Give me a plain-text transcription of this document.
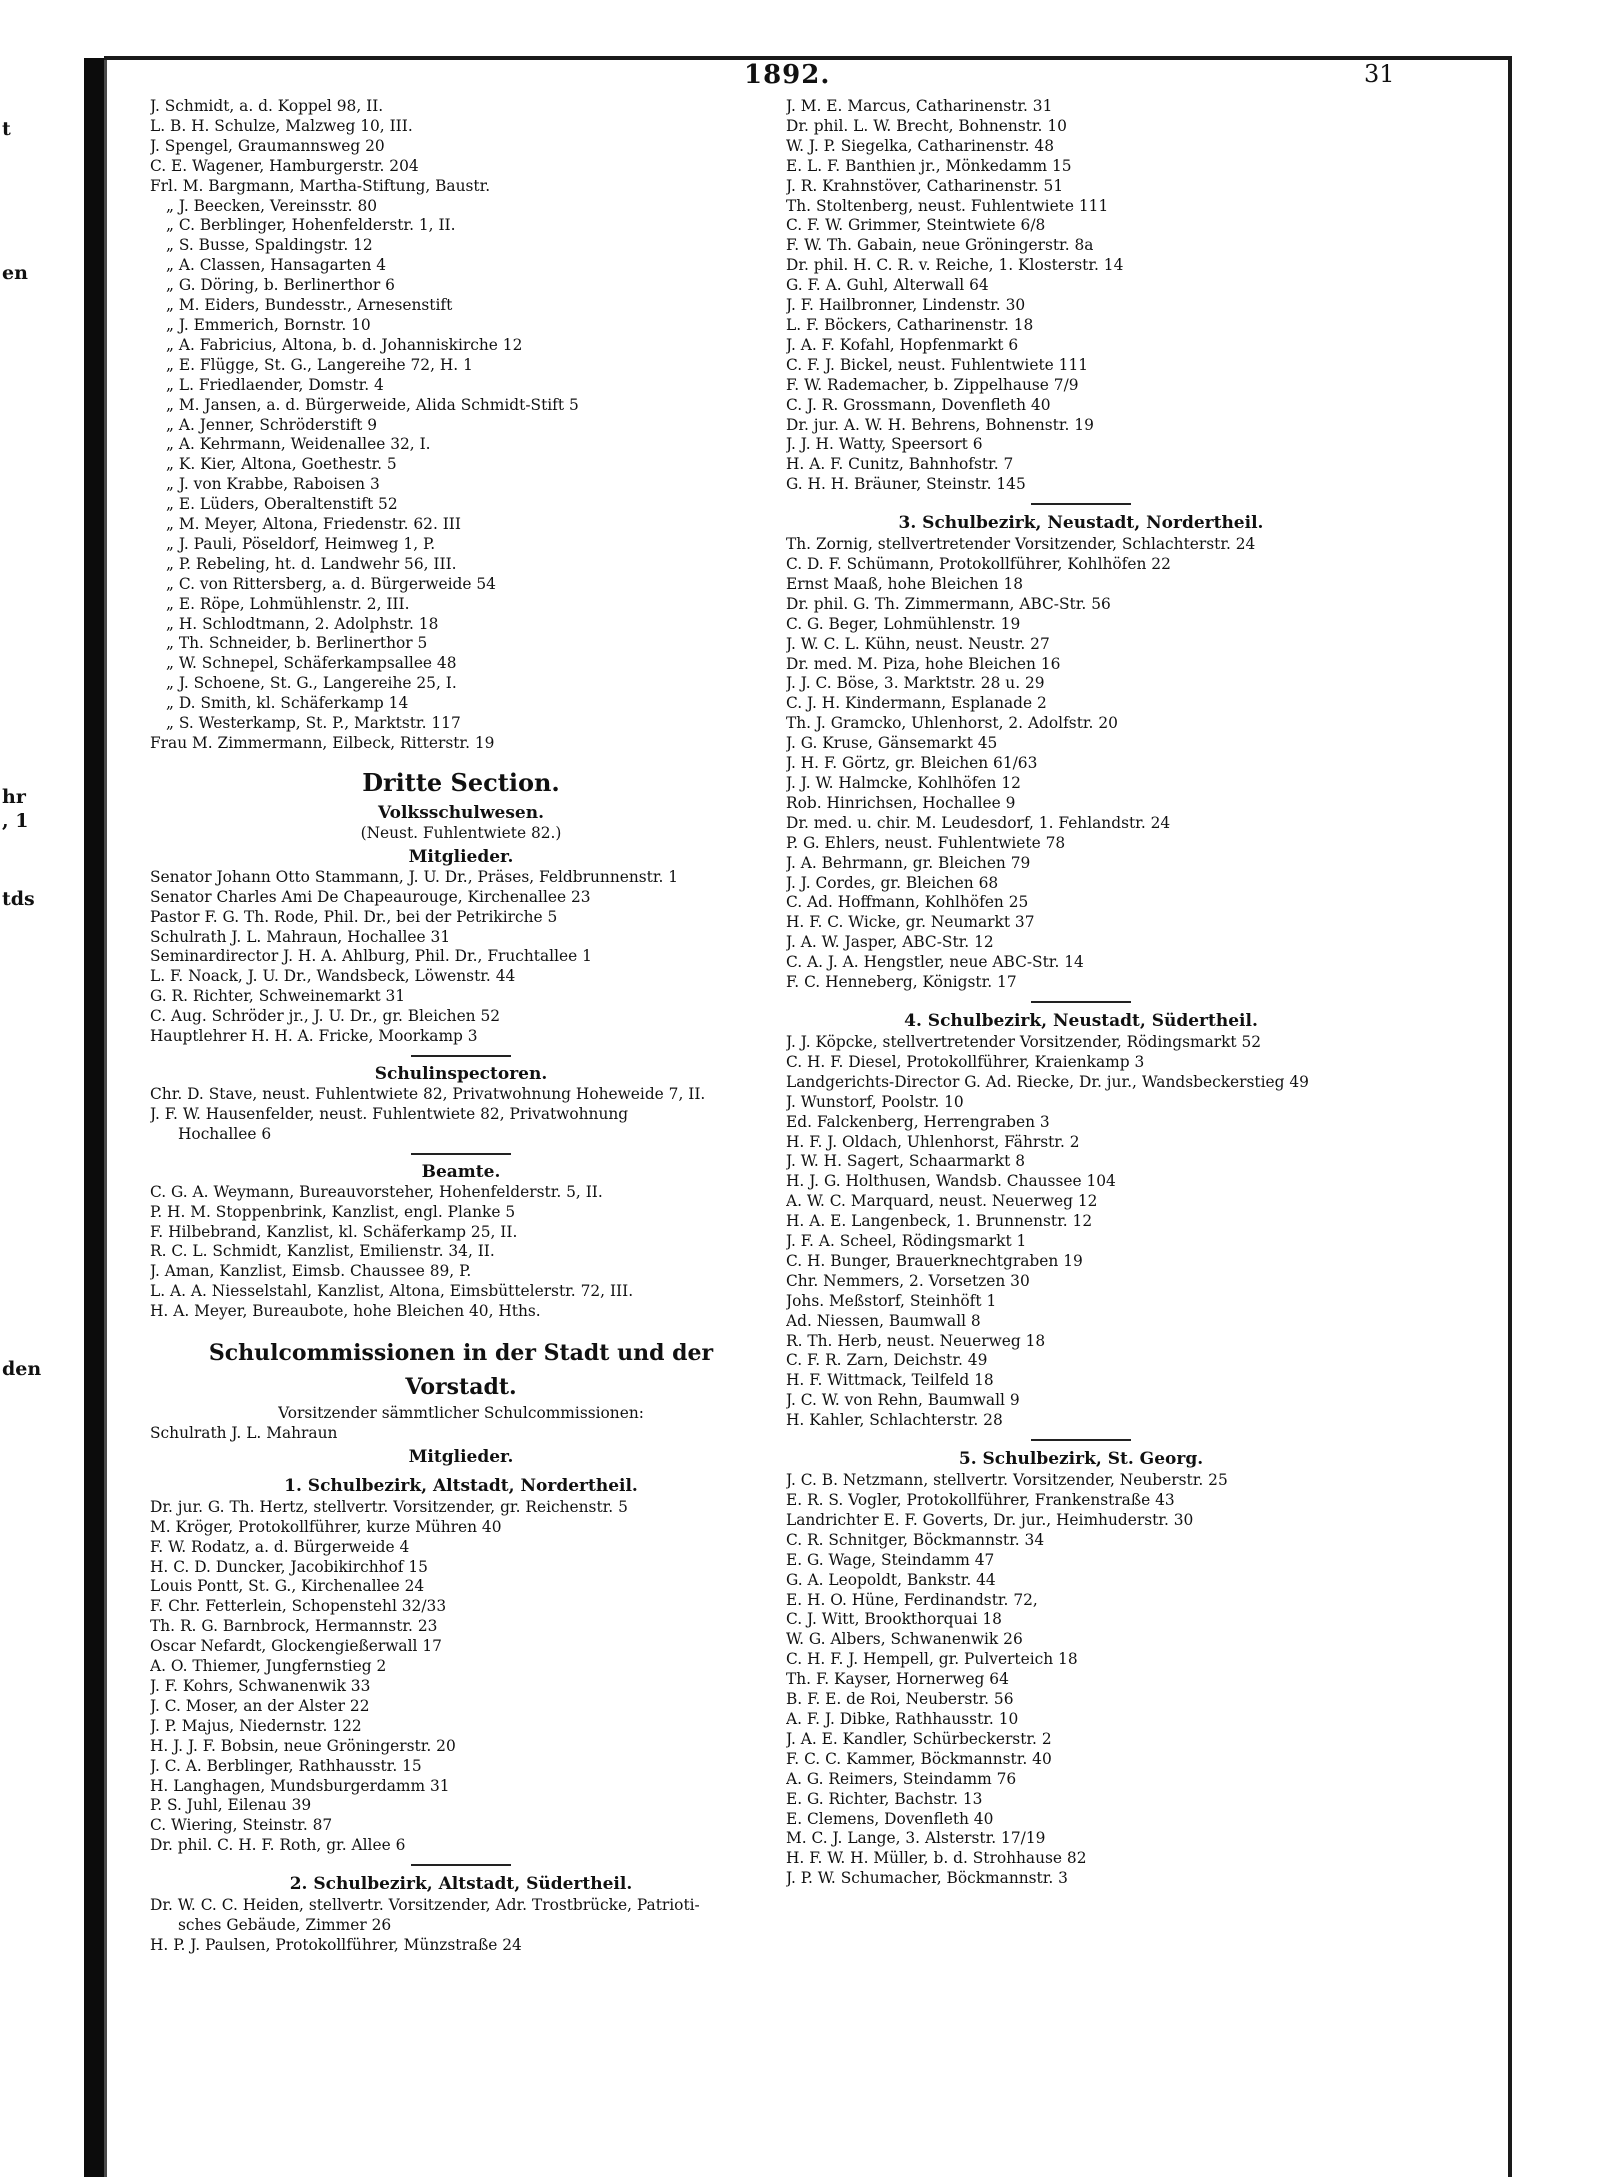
t
en
hr
, 1
tds
den
1892.	31
J. Schmidt, a. d. Koppel 98, II.
L. B. H. Schulze, Malzweg 10, III.
J. Spengel, Graumannsweg 20
C. E. Wagener, Hamburgerstr. 204
Frl. M. Bargmann, Martha-Stiftung, Baustr.
„ J. Beecken, Vereinsstr. 80
„ C. Berblinger, Hohenfelderstr. 1, II.
„ S. Busse, Spaldingstr. 12
„ A. Classen, Hansagarten 4
„ G. Döring, b. Berlinerthor 6
„ M. Eiders, Bundesstr., Arnesenstift
„ J. Emmerich, Bornstr. 10
„ A. Fabricius, Altona, b. d. Johanniskirche 12
„ E. Flügge, St. G., Langereihe 72, H. 1
„ L. Friedlaender, Domstr. 4
„ M. Jansen, a. d. Bürgerweide, Alida Schmidt-Stift 5
„ A. Jenner, Schröderstift 9
„ A. Kehrmann, Weidenallee 32, I.
„ K. Kier, Altona, Goethestr. 5
„ J. von Krabbe, Raboisen 3
„ E. Lüders, Oberaltenstift 52
„ M. Meyer, Altona, Friedenstr. 62. III
„ J. Pauli, Pöseldorf, Heimweg 1, P.
„ P. Rebeling, ht. d. Landwehr 56, III.
„ C. von Rittersberg, a. d. Bürgerweide 54
„ E. Röpe, Lohmühlenstr. 2, III.
„ H. Schlodtmann, 2. Adolphstr. 18
„ Th. Schneider, b. Berlinerthor 5
„ W. Schnepel, Schäferkampsallee 48
„ J. Schoene, St. G., Langereihe 25, I.
„ D. Smith, kl. Schäferkamp 14
„ S. Westerkamp, St. P., Marktstr. 117
Frau M. Zimmermann, Eilbeck, Ritterstr. 19
Dritte Section.
Volksschulwesen.
(Neust. Fuhlentwiete 82.)
Mitglieder.
Senator Johann Otto Stammann, J. U. Dr., Präses, Feldbrunnenstr. 1
Senator Charles Ami De Chapeaurouge, Kirchenallee 23
Pastor F. G. Th. Rode, Phil. Dr., bei der Petrikirche 5
Schulrath J. L. Mahraun, Hochallee 31
Seminardirector J. H. A. Ahlburg, Phil. Dr., Fruchtallee 1
L. F. Noack, J. U. Dr., Wandsbeck, Löwenstr. 44
G. R. Richter, Schweinemarkt 31
C. Aug. Schröder jr., J. U. Dr., gr. Bleichen 52
Hauptlehrer H. H. A. Fricke, Moorkamp 3
Schulinspectoren.
Chr. D. Stave, neust. Fuhlentwiete 82, Privatwohnung Hoheweide 7, II.
J. F. W. Hausenfelder, neust. Fuhlentwiete 82, Privatwohnung
Hochallee 6
Beamte.
C. G. A. Weymann, Bureauvorsteher, Hohenfelderstr. 5, II.
P. H. M. Stoppenbrink, Kanzlist, engl. Planke 5
F. Hilbebrand, Kanzlist, kl. Schäferkamp 25, II.
R. C. L. Schmidt, Kanzlist, Emilienstr. 34, II.
J. Aman, Kanzlist, Eimsb. Chaussee 89, P.
L. A. A. Niesselstahl, Kanzlist, Altona, Eimsbüttelerstr. 72, III.
H. A. Meyer, Bureaubote, hohe Bleichen 40, Hths.
Schulcommissionen in der Stadt und der Vorstadt.
Vorsitzender sämmtlicher Schulcommissionen:
Schulrath J. L. Mahraun
Mitglieder.
1. Schulbezirk, Altstadt, Nordertheil.
Dr. jur. G. Th. Hertz, stellvertr. Vorsitzender, gr. Reichenstr. 5
M. Kröger, Protokollführer, kurze Mühren 40
F. W. Rodatz, a. d. Bürgerweide 4
H. C. D. Duncker, Jacobikirchhof 15
Louis Pontt, St. G., Kirchenallee 24
F. Chr. Fetterlein, Schopenstehl 32/33
Th. R. G. Barnbrock, Hermannstr. 23
Oscar Nefardt, Glockengießerwall 17
A. O. Thiemer, Jungfernstieg 2
J. F. Kohrs, Schwanenwik 33
J. C. Moser, an der Alster 22
J. P. Majus, Niedernstr. 122
H. J. J. F. Bobsin, neue Gröningerstr. 20
J. C. A. Berblinger, Rathhausstr. 15
H. Langhagen, Mundsburgerdamm 31
P. S. Juhl, Eilenau 39
C. Wiering, Steinstr. 87
Dr. phil. C. H. F. Roth, gr. Allee 6
2. Schulbezirk, Altstadt, Südertheil.
Dr. W. C. C. Heiden, stellvertr. Vorsitzender, Adr. Trostbrücke, Patrioti-
sches Gebäude, Zimmer 26
H. P. J. Paulsen, Protokollführer, Münzstraße 24
J. M. E. Marcus, Catharinenstr. 31
Dr. phil. L. W. Brecht, Bohnenstr. 10
W. J. P. Siegelka, Catharinenstr. 48
E. L. F. Banthien jr., Mönkedamm 15
J. R. Krahnstöver, Catharinenstr. 51
Th. Stoltenberg, neust. Fuhlentwiete 111
C. F. W. Grimmer, Steintwiete 6/8
F. W. Th. Gabain, neue Gröningerstr. 8a
Dr. phil. H. C. R. v. Reiche, 1. Klosterstr. 14
G. F. A. Guhl, Alterwall 64
J. F. Hailbronner, Lindenstr. 30
L. F. Böckers, Catharinenstr. 18
J. A. F. Kofahl, Hopfenmarkt 6
C. F. J. Bickel, neust. Fuhlentwiete 111
F. W. Rademacher, b. Zippelhause 7/9
C. J. R. Grossmann, Dovenfleth 40
Dr. jur. A. W. H. Behrens, Bohnenstr. 19
J. J. H. Watty, Speersort 6
H. A. F. Cunitz, Bahnhofstr. 7
G. H. H. Bräuner, Steinstr. 145
3. Schulbezirk, Neustadt, Nordertheil.
Th. Zornig, stellvertretender Vorsitzender, Schlachterstr. 24
C. D. F. Schümann, Protokollführer, Kohlhöfen 22
Ernst Maaß, hohe Bleichen 18
Dr. phil. G. Th. Zimmermann, ABC-Str. 56
C. G. Beger, Lohmühlenstr. 19
J. W. C. L. Kühn, neust. Neustr. 27
Dr. med. M. Piza, hohe Bleichen 16
J. J. C. Böse, 3. Marktstr. 28 u. 29
C. J. H. Kindermann, Esplanade 2
Th. J. Gramcko, Uhlenhorst, 2. Adolfstr. 20
J. G. Kruse, Gänsemarkt 45
J. H. F. Görtz, gr. Bleichen 61/63
J. J. W. Halmcke, Kohlhöfen 12
Rob. Hinrichsen, Hochallee 9
Dr. med. u. chir. M. Leudesdorf, 1. Fehlandstr. 24
P. G. Ehlers, neust. Fuhlentwiete 78
J. A. Behrmann, gr. Bleichen 79
J. J. Cordes, gr. Bleichen 68
C. Ad. Hoffmann, Kohlhöfen 25
H. F. C. Wicke, gr. Neumarkt 37
J. A. W. Jasper, ABC-Str. 12
C. A. J. A. Hengstler, neue ABC-Str. 14
F. C. Henneberg, Königstr. 17
4. Schulbezirk, Neustadt, Südertheil.
J. J. Köpcke, stellvertretender Vorsitzender, Rödingsmarkt 52
C. H. F. Diesel, Protokollführer, Kraienkamp 3
Landgerichts-Director G. Ad. Riecke, Dr. jur., Wandsbeckerstieg 49
J. Wunstorf, Poolstr. 10
Ed. Falckenberg, Herrengraben 3
H. F. J. Oldach, Uhlenhorst, Fährstr. 2
J. W. H. Sagert, Schaarmarkt 8
H. J. G. Holthusen, Wandsb. Chaussee 104
A. W. C. Marquard, neust. Neuerweg 12
H. A. E. Langenbeck, 1. Brunnenstr. 12
J. F. A. Scheel, Rödingsmarkt 1
C. H. Bunger, Brauerknechtgraben 19
Chr. Nemmers, 2. Vorsetzen 30
Johs. Meßstorf, Steinhöft 1
Ad. Niessen, Baumwall 8
R. Th. Herb, neust. Neuerweg 18
C. F. R. Zarn, Deichstr. 49
H. F. Wittmack, Teilfeld 18
J. C. W. von Rehn, Baumwall 9
H. Kahler, Schlachterstr. 28
5. Schulbezirk, St. Georg.
J. C. B. Netzmann, stellvertr. Vorsitzender, Neuberstr. 25
E. R. S. Vogler, Protokollführer, Frankenstraße 43
Landrichter E. F. Goverts, Dr. jur., Heimhuderstr. 30
C. R. Schnitger, Böckmannstr. 34
E. G. Wage, Steindamm 47
G. A. Leopoldt, Bankstr. 44
E. H. O. Hüne, Ferdinandstr. 72,
C. J. Witt, Brookthorquai 18
W. G. Albers, Schwanenwik 26
C. H. F. J. Hempell, gr. Pulverteich 18
Th. F. Kayser, Hornerweg 64
B. F. E. de Roi, Neuberstr. 56
A. F. J. Dibke, Rathhausstr. 10
J. A. E. Kandler, Schürbeckerstr. 2
F. C. C. Kammer, Böckmannstr. 40
A. G. Reimers, Steindamm 76
E. G. Richter, Bachstr. 13
E. Clemens, Dovenfleth 40
M. C. J. Lange, 3. Alsterstr. 17/19
H. F. W. H. Müller, b. d. Strohhause 82
J. P. W. Schumacher, Böckmannstr. 3
